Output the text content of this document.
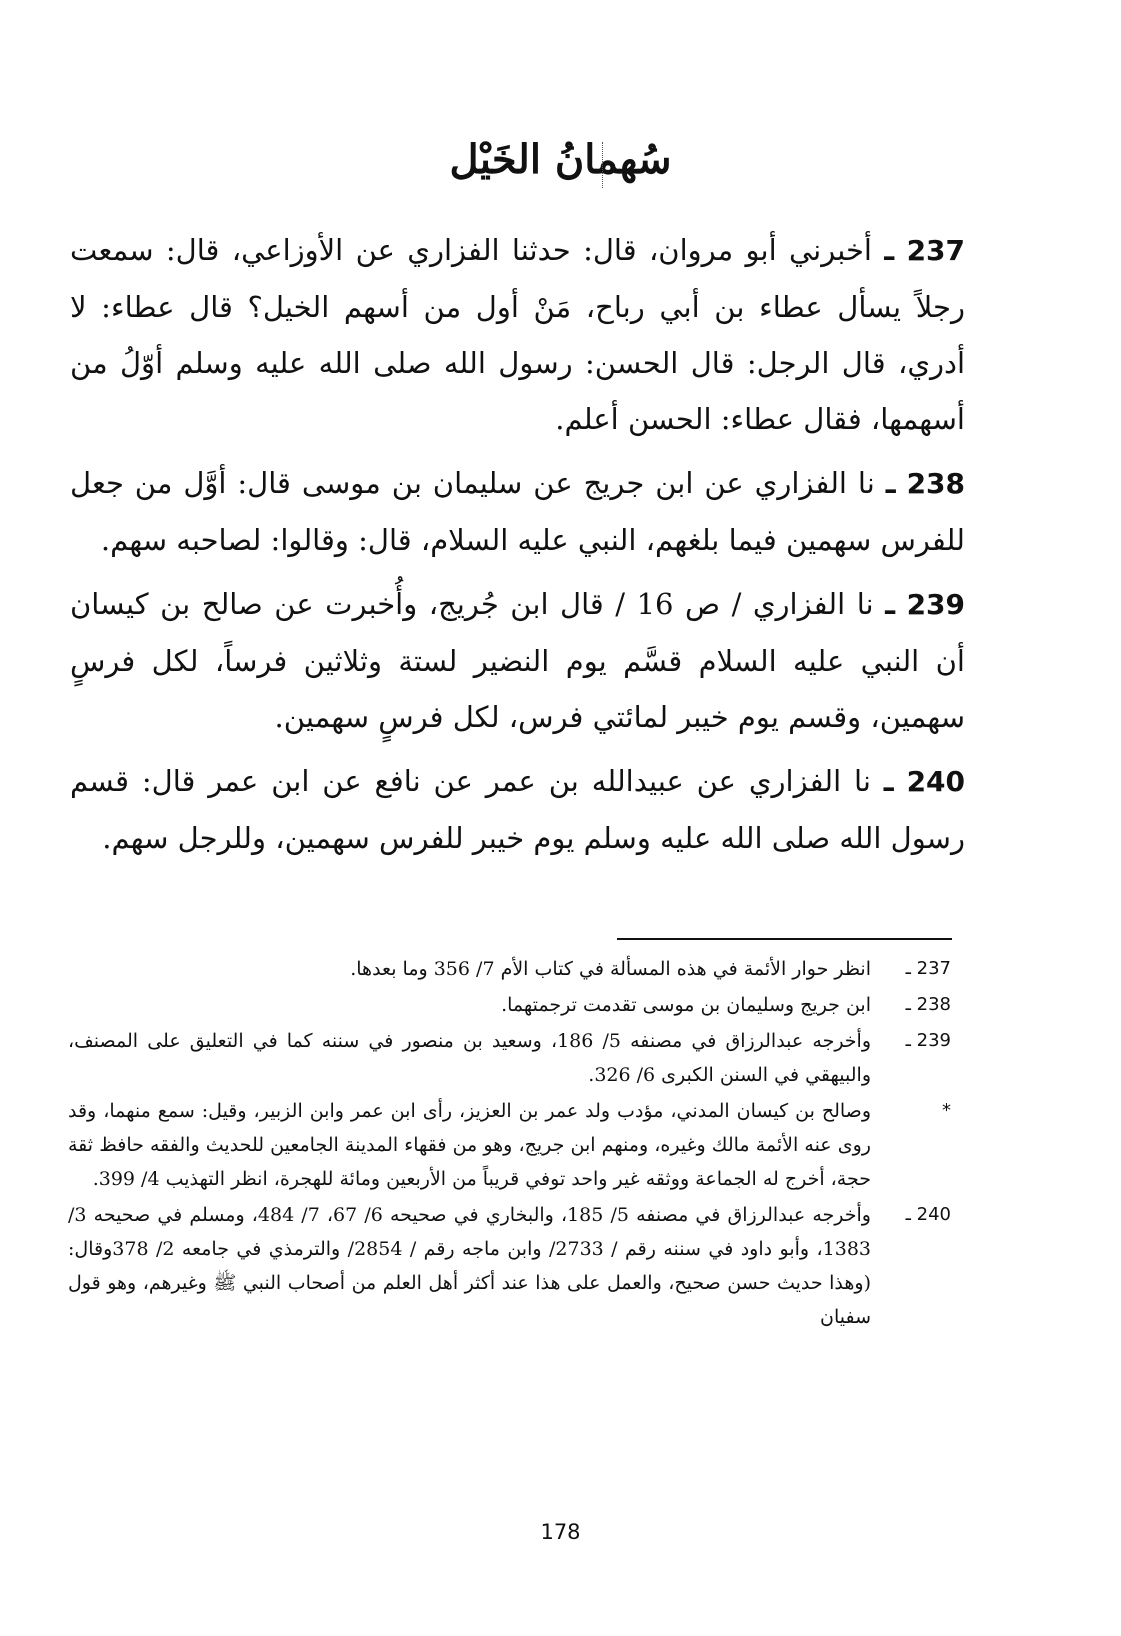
سُهمانُ الخَيْل

237 ـ أخبرني أبو مروان، قال: حدثنا الفزاري عن الأوزاعي، قال: سمعت رجلاً يسأل عطاء بن أبي رباح، مَنْ أول من أسهم الخيل؟ قال عطاء: لا أدري، قال الرجل: قال الحسن: رسول الله صلى الله عليه وسلم أوّلُ من أسهمها، فقال عطاء: الحسن أعلم.

238 ـ نا الفزاري عن ابن جريج عن سليمان بن موسى قال: أوَّل من جعل للفرس سهمين فيما بلغهم، النبي عليه السلام، قال: وقالوا: لصاحبه سهم.

239 ـ نا الفزاري / ص 16 / قال ابن جُريج، وأُخبرت عن صالح بن كيسان أن النبي عليه السلام قسَّم يوم النضير لستة وثلاثين فرساً، لكل فرسٍ سهمين، وقسم يوم خيبر لمائتي فرس، لكل فرسٍ سهمين.

240 ـ نا الفزاري عن عبيدالله بن عمر عن نافع عن ابن عمر قال: قسم رسول الله صلى الله عليه وسلم يوم خيبر للفرس سهمين، وللرجل سهم.

237 ـ
انظر حوار الأئمة في هذه المسألة في كتاب الأم 7/ 356 وما بعدها.
238 ـ
ابن جريج وسليمان بن موسى تقدمت ترجمتهما.
239 ـ
وأخرجه عبدالرزاق في مصنفه 5/ 186، وسعيد بن منصور في سننه كما في التعليق على المصنف، والبيهقي في السنن الكبرى 6/ 326.
*
وصالح بن كيسان المدني، مؤدب ولد عمر بن العزيز، رأى ابن عمر وابن الزبير، وقيل: سمع منهما، وقد روى عنه الأئمة مالك وغيره، ومنهم ابن جريج، وهو من فقهاء المدينة الجامعين للحديث والفقه حافظ ثقة حجة، أخرج له الجماعة ووثقه غير واحد توفي قريباً من الأربعين ومائة للهجرة، انظر التهذيب 4/ 399.
240 ـ
وأخرجه عبدالرزاق في مصنفه 5/ 185، والبخاري في صحيحه 6/ 67، 7/ 484، ومسلم في صحيحه 3/ 1383، وأبو داود في سننه رقم / 2733/ وابن ماجه رقم / 2854/ والترمذي في جامعه 2/ 378وقال: (وهذا حديث حسن صحيح، والعمل على هذا عند أكثر أهل العلم من أصحاب النبي ﷺ وغيرهم، وهو قول سفيان
178
